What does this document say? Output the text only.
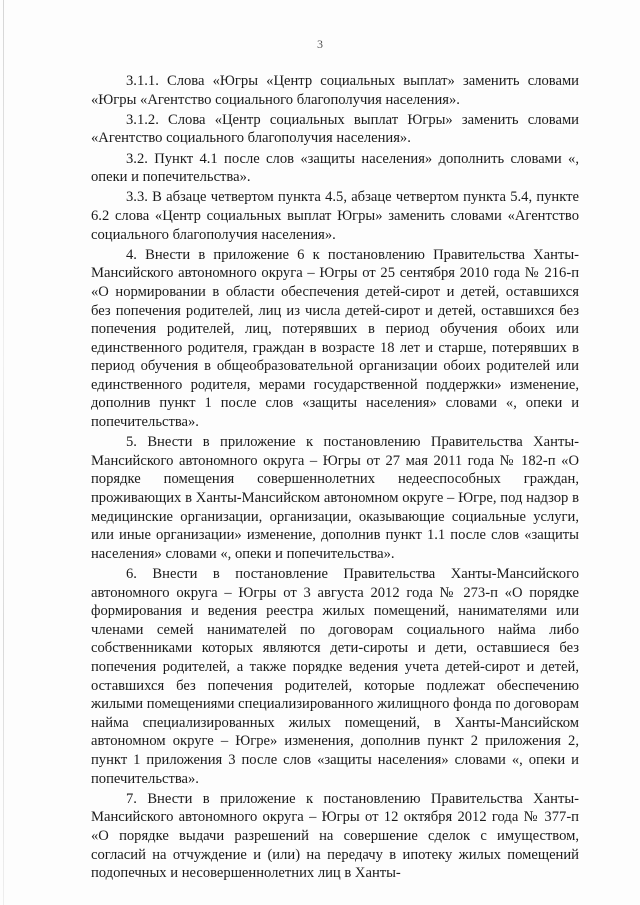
3

3.1.1. Слова «Югры «Центр социальных выплат» заменить словами «Югры «Агентство социального благополучия населения».

3.1.2. Слова «Центр социальных выплат Югры» заменить словами «Агентство социального благополучия населения».

3.2. Пункт 4.1 после слов «защиты населения» дополнить словами «, опеки и попечительства».

3.3. В абзаце четвертом пункта 4.5, абзаце четвертом пункта 5.4, пункте 6.2 слова «Центр социальных выплат Югры» заменить словами «Агентство социального благополучия населения».

4. Внести в приложение 6 к постановлению Правительства Ханты-Мансийского автономного округа – Югры от 25 сентября 2010 года № 216-п «О нормировании в области обеспечения детей-сирот и детей, оставшихся без попечения родителей, лиц из числа детей-сирот и детей, оставшихся без попечения родителей, лиц, потерявших в период обучения обоих или единственного родителя, граждан в возрасте 18 лет и старше, потерявших в период обучения в общеобразовательной организации обоих родителей или единственного родителя, мерами государственной поддержки» изменение, дополнив пункт 1 после слов «защиты населения» словами «, опеки и попечительства».

5. Внести в приложение к постановлению Правительства Ханты-Мансийского автономного округа – Югры от 27 мая 2011 года № 182-п «О порядке помещения совершеннолетних недееспособных граждан, проживающих в Ханты-Мансийском автономном округе – Югре, под надзор в медицинские организации, организации, оказывающие социальные услуги, или иные организации» изменение, дополнив пункт 1.1 после слов «защиты населения» словами «, опеки и попечительства».

6. Внести в постановление Правительства Ханты-Мансийского автономного округа – Югры от 3 августа 2012 года № 273-п «О порядке формирования и ведения реестра жилых помещений, нанимателями или членами семей нанимателей по договорам социального найма либо собственниками которых являются дети-сироты и дети, оставшиеся без попечения родителей, а также порядке ведения учета детей-сирот и детей, оставшихся без попечения родителей, которые подлежат обеспечению жилыми помещениями специализированного жилищного фонда по договорам найма специализированных жилых помещений, в Ханты-Мансийском автономном округе – Югре» изменения, дополнив пункт 2 приложения 2, пункт 1 приложения 3 после слов «защиты населения» словами «, опеки и попечительства».

7. Внести в приложение к постановлению Правительства Ханты-Мансийского автономного округа – Югры от 12 октября 2012 года № 377-п «О порядке выдачи разрешений на совершение сделок с имуществом, согласий на отчуждение и (или) на передачу в ипотеку жилых помещений подопечных и несовершеннолетних лиц в Ханты-
